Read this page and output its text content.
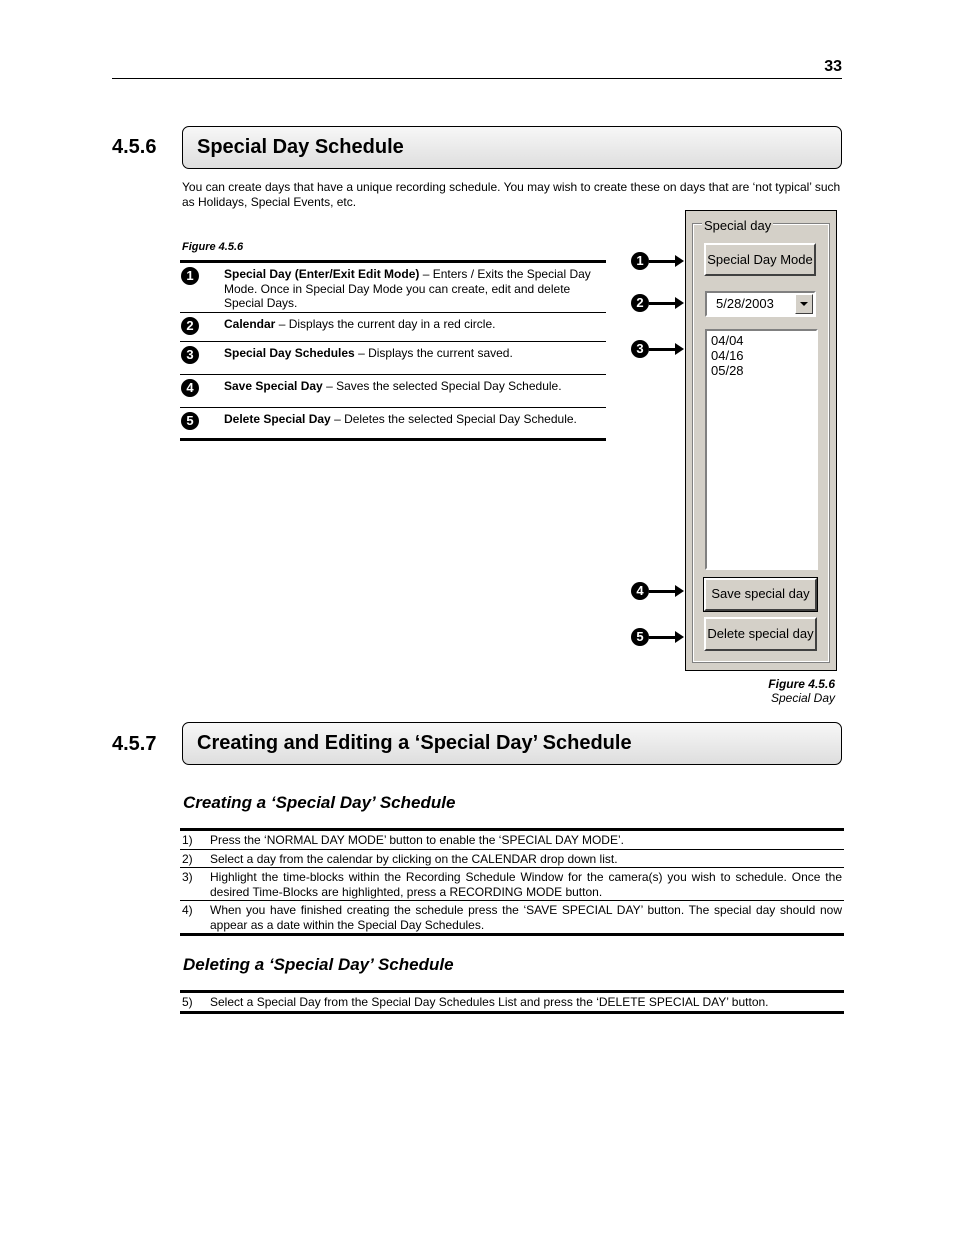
33
4.5.6 Special Day Schedule
You can create days that have a unique recording schedule. You may wish to create these on days that are ‘not typical’ such as Holidays, Special Events, etc.
Figure 4.5.6
1	Special Day (Enter/Exit Edit Mode) – Enters / Exits the Special Day Mode. Once in Special Day Mode you can create, edit and delete Special Days.
2	Calendar – Displays the current day in a red circle.
3	Special Day Schedules – Displays the current saved.
4	Save Special Day – Saves the selected Special Day Schedule.
5	Delete Special Day – Deletes the selected Special Day Schedule.
1
2
3
4
5
Special day
Special Day Mode
5/28/2003
04/04
04/16
05/28
Save special day
Delete special day
Figure 4.5.6
Special Day
4.5.7 Creating and Editing a ‘Special Day’ Schedule
Creating a ‘Special Day’ Schedule
1)	Press the ‘NORMAL DAY MODE’ button to enable the ‘SPECIAL DAY MODE’.
2)	Select a day from the calendar by clicking on the CALENDAR drop down list.
3)	Highlight the time-blocks within the Recording Schedule Window for the camera(s) you wish to schedule. Once the desired Time-Blocks are highlighted, press a RECORDING MODE button.
4)	When you have finished creating the schedule press the ‘SAVE SPECIAL DAY’ button. The special day should now appear as a date within the Special Day Schedules.
Deleting a ‘Special Day’ Schedule
5)	Select a Special Day from the Special Day Schedules List and press the ‘DELETE SPECIAL DAY’ button.
